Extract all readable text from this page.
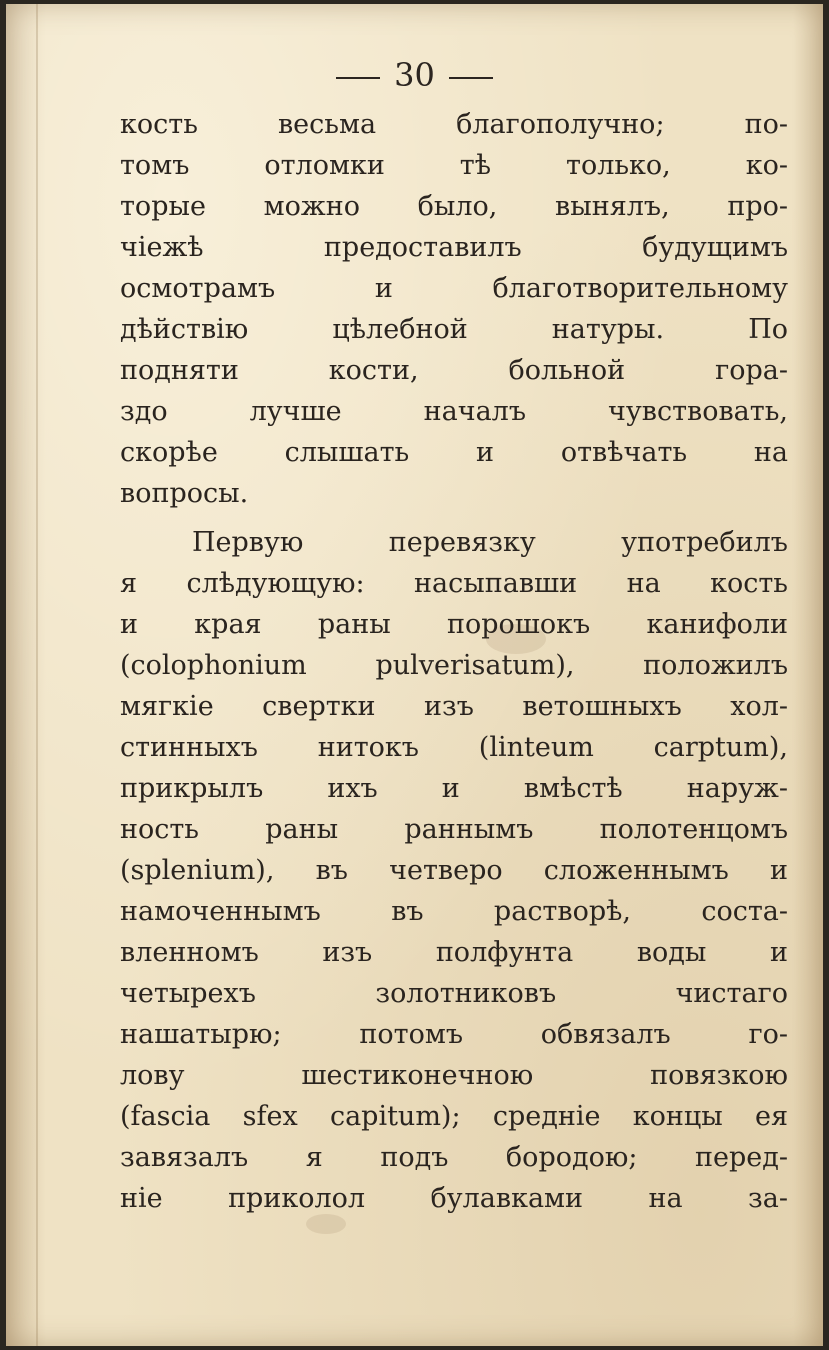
30
кость весьма благополучно; по-
томъ отломки тѣ только, ко-
торые можно было, вынялъ, про-
чіежѣ предоставилъ будущимъ
осмотрамъ и благотворительному
дѣйствію цѣлебной натуры. По
подняти кости, больной гора-
здо лучше началъ чувствовать,
скорѣе слышать и отвѣчать на
вопросы.
Первую перевязку употребилъ
я слѣдующую: насыпавши на кость
и края раны порошокъ канифоли
(colophonium pulverisatum), положилъ
мягкіе свертки изъ ветошныхъ хол-
стинныхъ нитокъ (linteum carptum),
прикрылъ ихъ и вмѣстѣ наруж-
ность раны раннымъ полотенцомъ
(splenium), въ четверо сложеннымъ и
намоченнымъ въ растворѣ, соста-
вленномъ изъ полфунта воды и
четырехъ золотниковъ чистаго
нашатырю; потомъ обвязалъ го-
лову шестиконечною повязкою
(fascia sfex capitum); средніе концы ея
завязалъ я подъ бородою; перед-
ніе приколол булавками на за-
